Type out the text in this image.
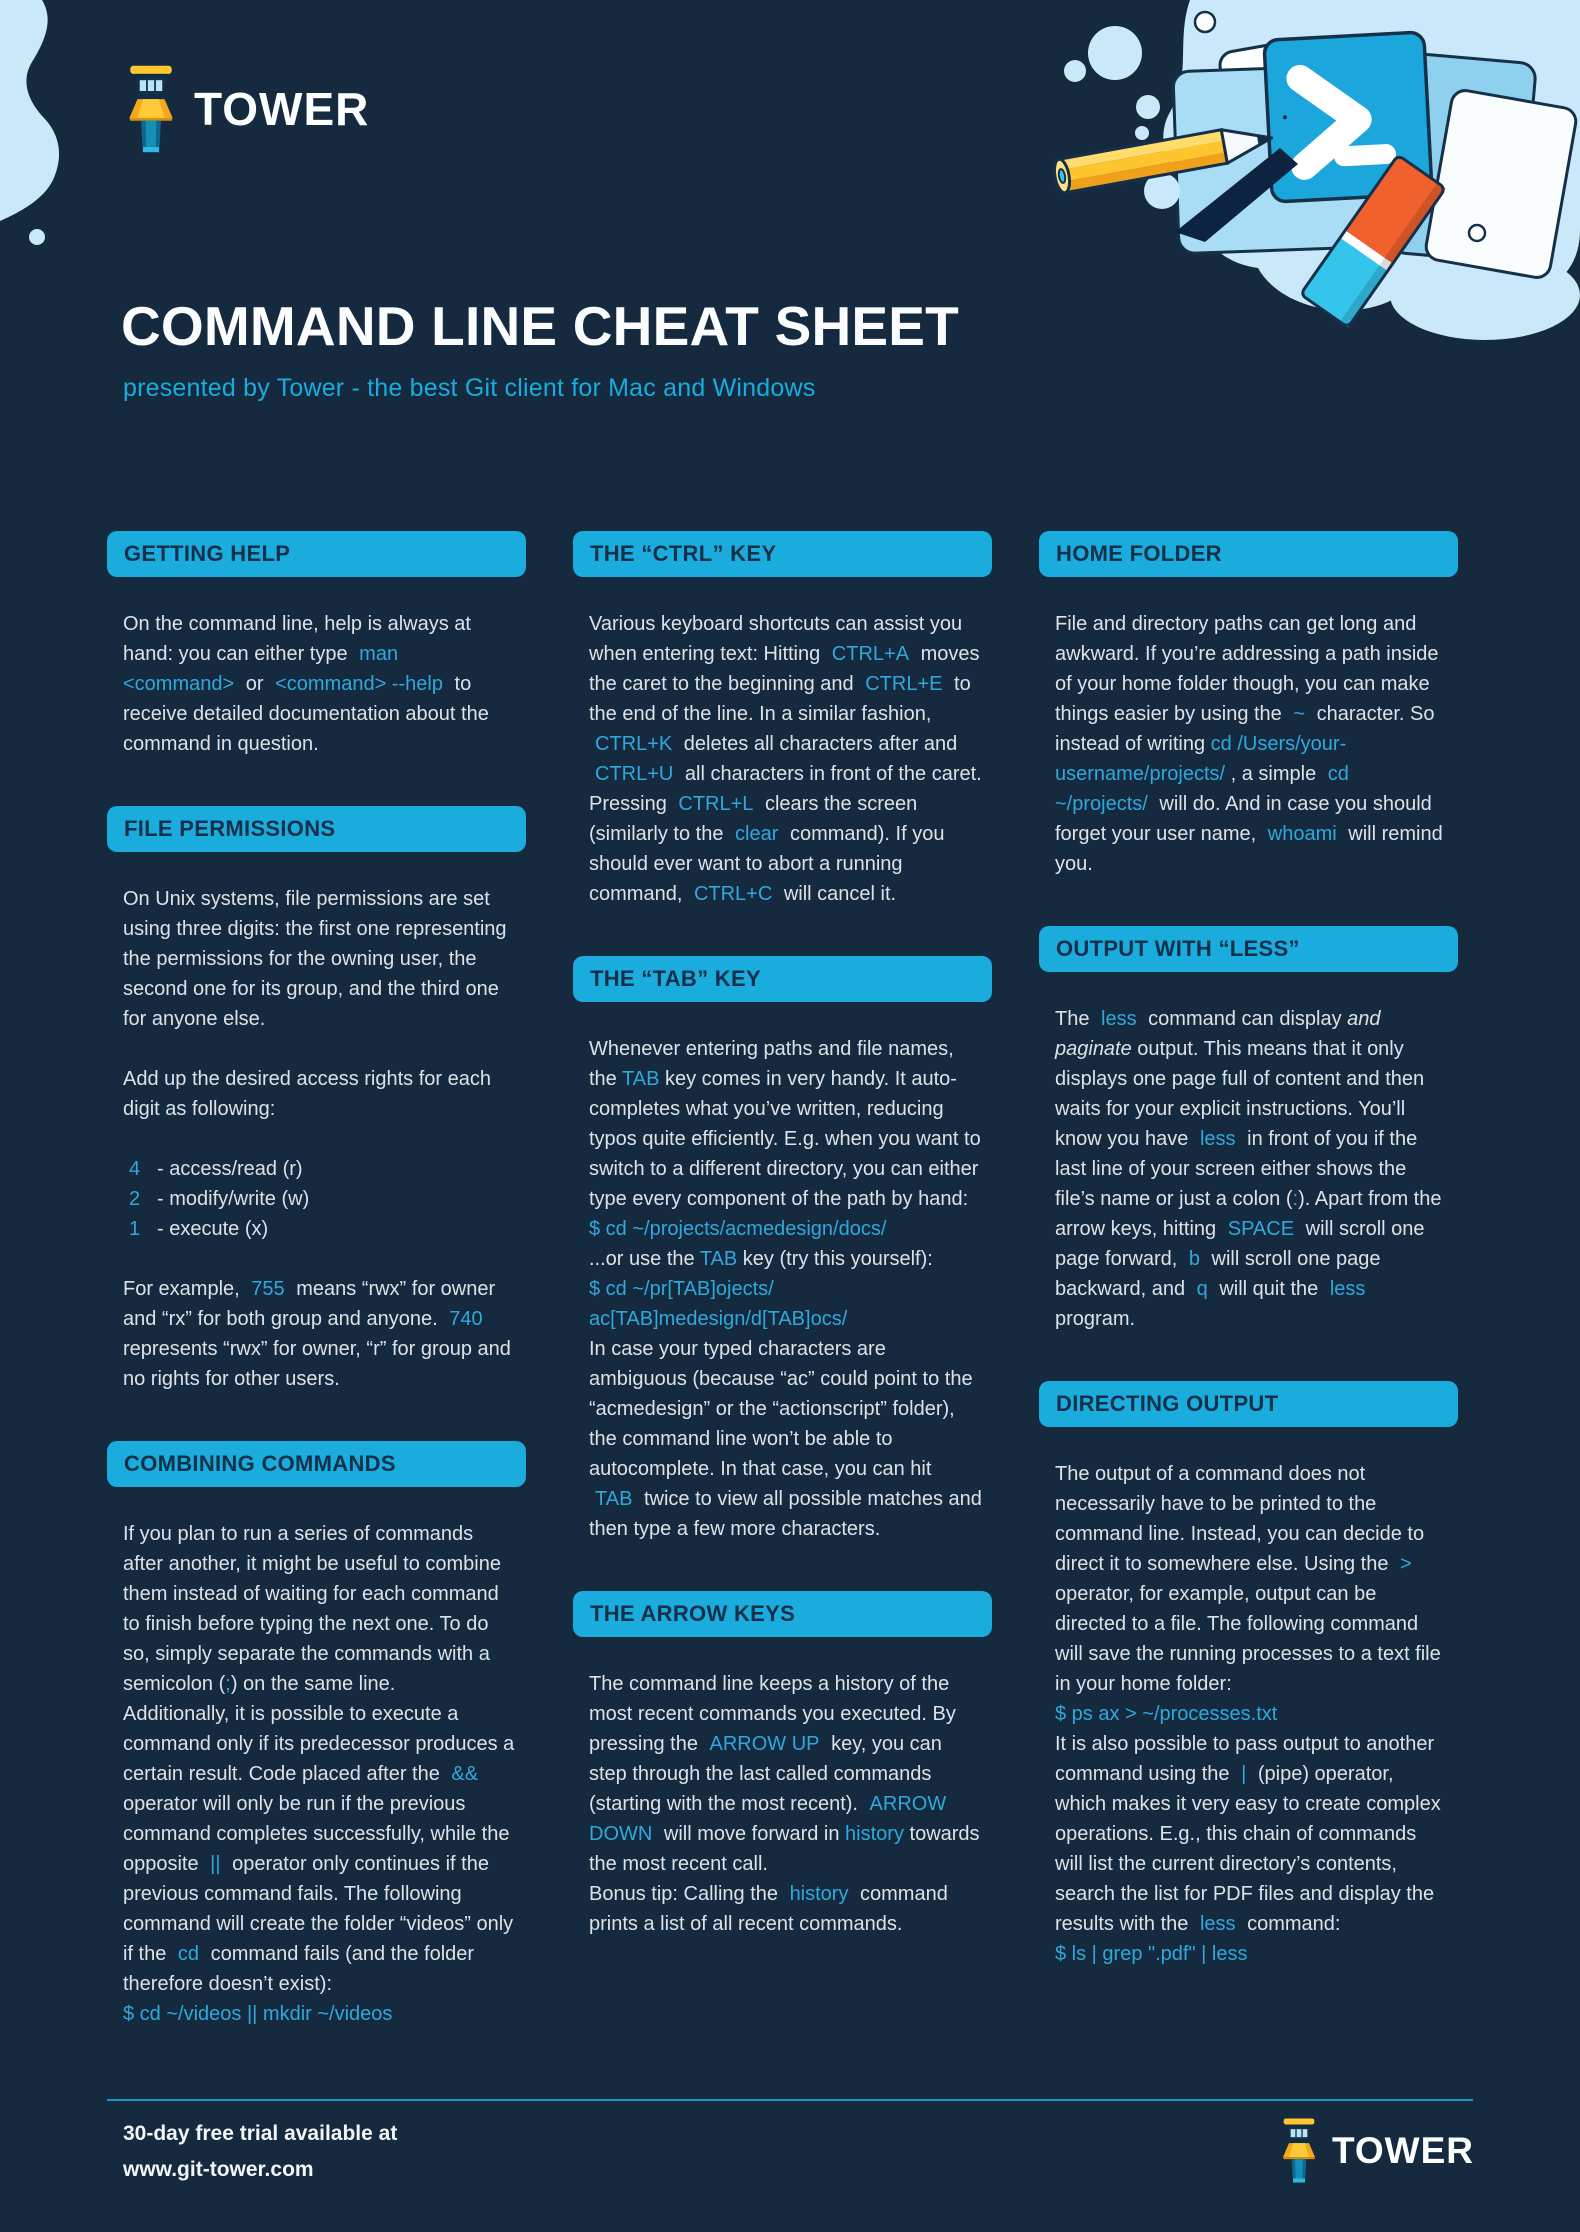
TOWER
COMMAND LINE CHEAT SHEET
presented by Tower - the best Git client for Mac and Windows
GETTING HELP

On the command line, help is always at hand: you can either type man <command> or <command> --help to receive detailed documentation about the command in question.

FILE PERMISSIONS

On Unix systems, file permissions are set using three digits: the first one representing the permissions for the owning user, the second one for its group, and the third one for anyone else.

Add up the desired access rights for each digit as following:

4 - access/read (r)
2 - modify/write (w)
1 - execute (x)

For example, 755 means “rwx” for owner and “rx” for both group and anyone. 740 represents “rwx” for owner, “r” for group and no rights for other users.

COMBINING COMMANDS

If you plan to run a series of commands after another, it might be useful to combine them instead of waiting for each command to finish before typing the next one. To do so, simply separate the commands with a semicolon (;) on the same line.
Additionally, it is possible to execute a command only if its predecessor produces a certain result. Code placed after the && operator will only be run if the previous command completes successfully, while the opposite || operator only continues if the previous command fails. The following command will create the folder “videos” only if the cd command fails (and the folder therefore doesn’t exist):

$ cd ~/videos || mkdir ~/videos
THE “CTRL” KEY

Various keyboard shortcuts can assist you when entering text: Hitting CTRL+A moves the caret to the beginning and CTRL+E to the end of the line. In a similar fashion, CTRL+K deletes all characters after and CTRL+U all characters in front of the caret. Pressing CTRL+L clears the screen (similarly to the clear command). If you should ever want to abort a running command, CTRL+C will cancel it.

THE “TAB” KEY

Whenever entering paths and file names, the TAB key comes in very handy. It auto-completes what you’ve written, reducing typos quite efficiently. E.g. when you want to switch to a different directory, you can either type every component of the path by hand:

$ cd ~/projects/acmedesign/docs/

...or use the TAB key (try this yourself):

$ cd ~/pr[TAB]ojects/
ac[TAB]medesign/d[TAB]ocs/

In case your typed characters are ambiguous (because “ac” could point to the “acmedesign” or the “actionscript” folder), the command line won’t be able to autocomplete. In that case, you can hit TAB twice to view all possible matches and then type a few more characters.

THE ARROW KEYS

The command line keeps a history of the most recent commands you executed. By pressing the ARROW UP key, you can step through the last called commands (starting with the most recent). ARROW DOWN will move forward in history towards the most recent call.
Bonus tip: Calling the history command prints a list of all recent commands.

HOME FOLDER

File and directory paths can get long and awkward. If you’re addressing a path inside of your home folder though, you can make things easier by using the ~ character. So instead of writing cd /Users/your-username/projects/ , a simple cd ~/projects/ will do. And in case you should forget your user name, whoami will remind you.

OUTPUT WITH “LESS”

The less command can display and paginate output. This means that it only displays one page full of content and then waits for your explicit instructions. You’ll know you have less in front of you if the last line of your screen either shows the file’s name or just a colon (:). Apart from the arrow keys, hitting SPACE will scroll one page forward, b will scroll one page backward, and q will quit the less program.

DIRECTING OUTPUT

The output of a command does not necessarily have to be printed to the command line. Instead, you can decide to direct it to somewhere else. Using the > operator, for example, output can be directed to a file. The following command will save the running processes to a text file in your home folder:

$ ps ax > ~/processes.txt

It is also possible to pass output to another command using the | (pipe) operator, which makes it very easy to create complex operations. E.g., this chain of commands will list the current directory’s contents, search the list for PDF files and display the results with the less command:

$ ls | grep ".pdf" | less
30-day free trial available at
www.git-tower.com	TOWER
